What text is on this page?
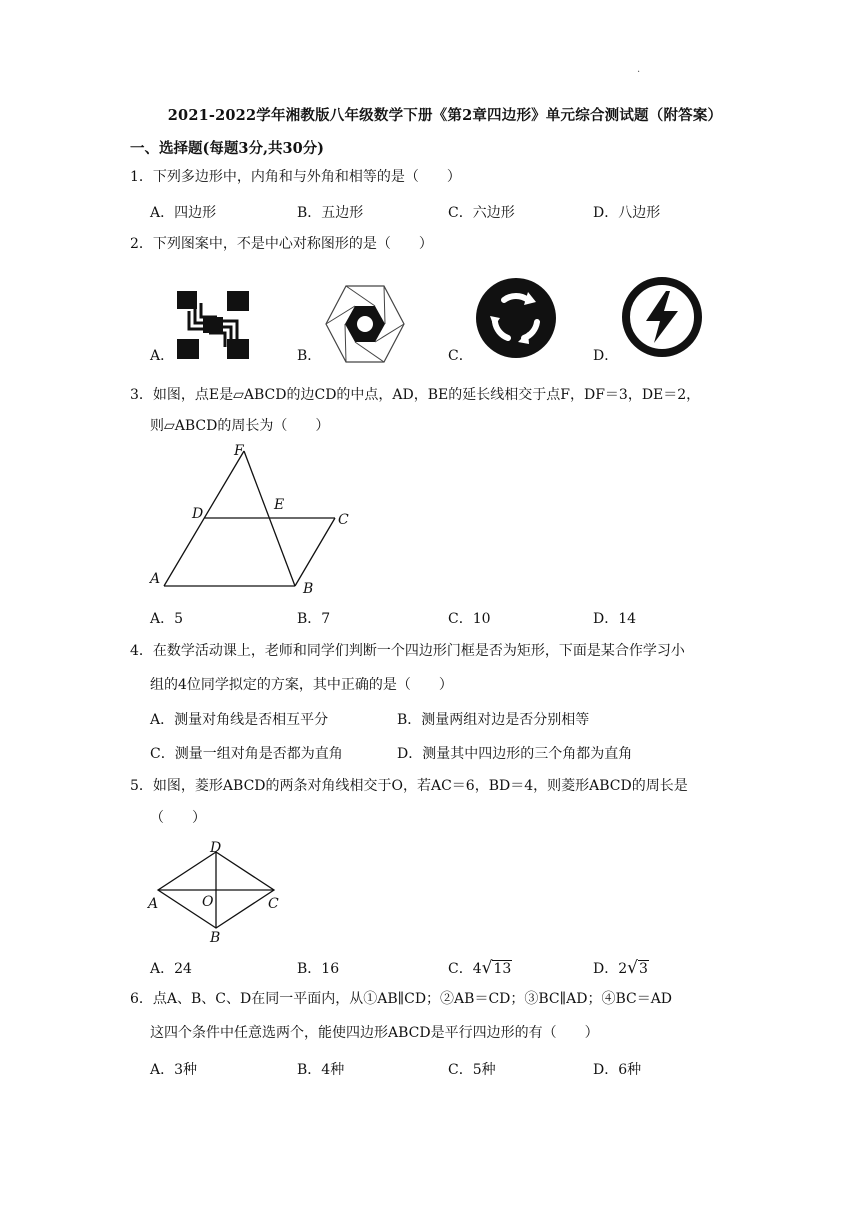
.
2021-2022学年湘教版八年级数学下册《第2章四边形》单元综合测试题（附答案）
一、选择题(每题3分,共30分)
1．下列多边形中，内角和与外角和相等的是（　　）
A．四边形	B．五边形	C．六边形	D．八边形
2．下列图案中，不是中心对称图形的是（　　）
A．	B．	C．	D．
3．如图，点E是▱ABCD的边CD的中点，AD，BE的延长线相交于点F，DF＝3，DE＝2，
则▱ABCD的周长为（　　）
F
D
E
C
A
B
A．5	B．7	C．10	D．14
4．在数学活动课上，老师和同学们判断一个四边形门框是否为矩形，下面是某合作学习小
组的4位同学拟定的方案，其中正确的是（　　）
A．测量对角线是否相互平分	B．测量两组对边是否分别相等
C．测量一组对角是否都为直角	D．测量其中四边形的三个角都为直角
5．如图，菱形ABCD的两条对角线相交于O，若AC＝6，BD＝4，则菱形ABCD的周长是
（　　）
D
A	O	C
B
A．24	B．16	C．4√13	D．2√3
6．点A、B、C、D在同一平面内，从①AB∥CD；②AB＝CD；③BC∥AD；④BC＝AD
这四个条件中任意选两个，能使四边形ABCD是平行四边形的有（　　）
A．3种	B．4种	C．5种	D．6种
